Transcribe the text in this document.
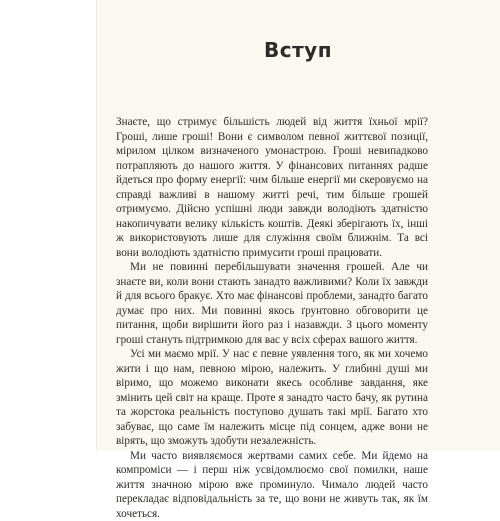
Вступ

Знаєте, що стримує більшість людей від життя їхньої мрії? Гроші, лише гроші! Вони є символом певної життєвої позиції, мірилом цілком визначеного умонастрою. Гроші невипадково потрапляють до нашого життя. У фінансових питаннях радше йдеться про форму енергії: чим більше енергії ми скеровуємо на справді важливі в нашому житті речі, тим більше грошей отримуємо. Дійсно успішні люди завжди володіють здатністю накопичувати велику кількість коштів. Деякі зберігають їх, інші ж використовують лише для служіння своїм ближнім. Та всі вони володіють здатністю примусити гроші працювати.

Ми не повинні перебільшувати значення грошей. Але чи знаєте ви, коли вони стають занадто важливими? Коли їх завжди й для всього бракує. Хто має фінансові проблеми, занадто багато думає про них. Ми повинні якось ґрунтовно обговорити це питання, щоби вирішити його раз і назавжди. З цього моменту гроші стануть підтримкою для вас у всіх сферах вашого життя.

Усі ми маємо мрії. У нас є певне уявлення того, як ми хочемо жити і що нам, певною мірою, належить. У глибині душі ми віримо, що можемо виконати якесь особливе завдання, яке змінить цей світ на краще. Проте я занадто часто бачу, як рутина та жорстока реальність поступово душать такі мрії. Багато хто забуває, що саме їм належить місце під сонцем, адже вони не вірять, що зможуть здобути незалежність.

Ми часто виявляємося жертвами самих себе. Ми йдемо на компроміси — і перш ніж усвідомлюємо свої помилки, наше життя значною мірою вже проминуло. Чимало людей часто перекладає відповідальність за те, що вони не живуть так, як їм хочеться.
